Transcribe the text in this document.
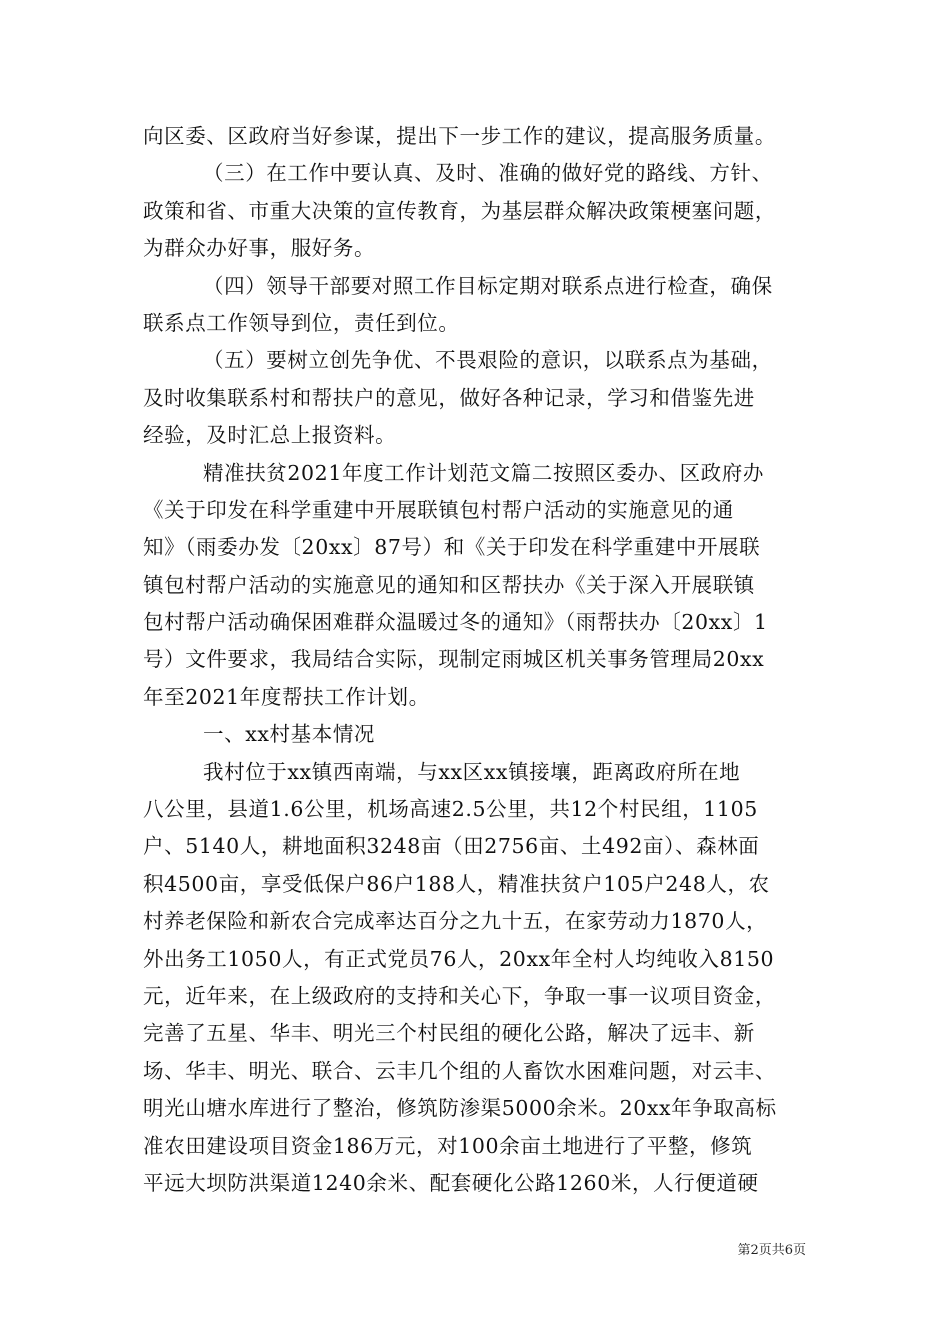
向区委、区政府当好参谋，提出下一步工作的建议，提高服务质量。
（三）在工作中要认真、及时、准确的做好党的路线、方针、
政策和省、市重大决策的宣传教育，为基层群众解决政策梗塞问题，
为群众办好事，服好务。
（四）领导干部要对照工作目标定期对联系点进行检查，确保
联系点工作领导到位，责任到位。
（五）要树立创先争优、不畏艰险的意识，以联系点为基础，
及时收集联系村和帮扶户的意见，做好各种记录，学习和借鉴先进
经验，及时汇总上报资料。
精准扶贫2021年度工作计划范文篇二按照区委办、区政府办
《关于印发在科学重建中开展联镇包村帮户活动的实施意见的通
知》（雨委办发〔20xx〕87号）和《关于印发在科学重建中开展联
镇包村帮户活动的实施意见的通知和区帮扶办《关于深入开展联镇
包村帮户活动确保困难群众温暖过冬的通知》（雨帮扶办〔20xx〕1
号）文件要求，我局结合实际，现制定雨城区机关事务管理局20xx
年至2021年度帮扶工作计划。
一、xx村基本情况
我村位于xx镇西南端，与xx区xx镇接壤，距离政府所在地
八公里，县道1.6公里，机场高速2.5公里，共12个村民组，1105
户、5140人，耕地面积3248亩（田2756亩、土492亩）、森林面
积4500亩，享受低保户86户188人，精准扶贫户105户248人，农
村养老保险和新农合完成率达百分之九十五，在家劳动力1870人，
外出务工1050人，有正式党员76人，20xx年全村人均纯收入8150
元，近年来，在上级政府的支持和关心下，争取一事一议项目资金，
完善了五星、华丰、明光三个村民组的硬化公路，解决了远丰、新
场、华丰、明光、联合、云丰几个组的人畜饮水困难问题，对云丰、
明光山塘水库进行了整治，修筑防渗渠5000余米。20xx年争取高标
准农田建设项目资金186万元，对100余亩土地进行了平整，修筑
平远大坝防洪渠道1240余米、配套硬化公路1260米，人行便道硬
第2页共6页
